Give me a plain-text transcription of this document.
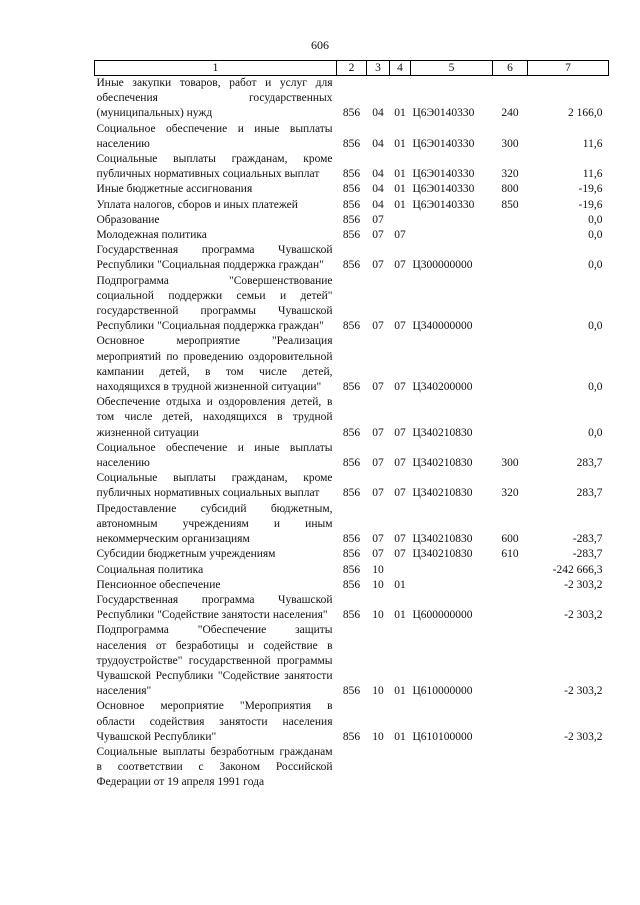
606
1	2	3	4	5	6	7
Иные закупки товаров, работ и услуг для обеспечения государственных (муниципальных) нужд	856	04	01	Ц6Э0140330	240	2 166,0
Социальное обеспечение и иные выплаты населению	856	04	01	Ц6Э0140330	300	11,6
Социальные выплаты гражданам, кроме публичных нормативных социальных выплат	856	04	01	Ц6Э0140330	320	11,6
Иные бюджетные ассигнования	856	04	01	Ц6Э0140330	800	-19,6
Уплата налогов, сборов и иных платежей	856	04	01	Ц6Э0140330	850	-19,6
Образование	856	07				0,0
Молодежная политика	856	07	07			0,0
Государственная программа Чувашской Республики "Социальная поддержка граждан"	856	07	07	Ц300000000		0,0
Подпрограмма "Совершенствование социальной поддержки семьи и детей" государственной программы Чувашской Республики "Социальная поддержка граждан"	856	07	07	Ц340000000		0,0
Основное мероприятие "Реализация мероприятий по проведению оздоровительной кампании детей, в том числе детей, находящихся в трудной жизненной ситуации"	856	07	07	Ц340200000		0,0
Обеспечение отдыха и оздоровления детей, в том числе детей, находящихся в трудной жизненной ситуации	856	07	07	Ц340210830		0,0
Социальное обеспечение и иные выплаты населению	856	07	07	Ц340210830	300	283,7
Социальные выплаты гражданам, кроме публичных нормативных социальных выплат	856	07	07	Ц340210830	320	283,7
Предоставление субсидий бюджетным, автономным учреждениям и иным некоммерческим организациям	856	07	07	Ц340210830	600	-283,7
Субсидии бюджетным учреждениям	856	07	07	Ц340210830	610	-283,7
Социальная политика	856	10				-242 666,3
Пенсионное обеспечение	856	10	01			-2 303,2
Государственная программа Чувашской Республики "Содействие занятости населения"	856	10	01	Ц600000000		-2 303,2
Подпрограмма "Обеспечение защиты населения от безработицы и содействие в трудоустройстве" государственной программы Чувашской Республики "Содействие занятости населения"	856	10	01	Ц610000000		-2 303,2
Основное мероприятие "Мероприятия в области содействия занятости населения Чувашской Республики"	856	10	01	Ц610100000		-2 303,2
Социальные выплаты безработным гражданам в соответствии с Законом Российской Федерации от 19 апреля 1991 года						
